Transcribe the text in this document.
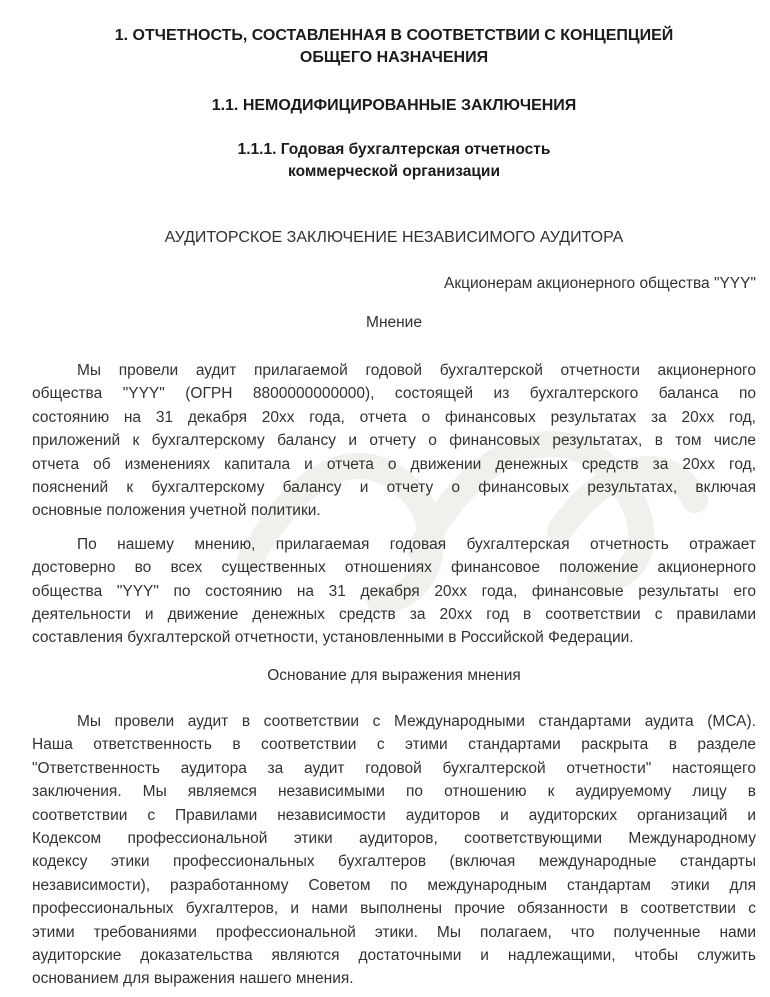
1. ОТЧЕТНОСТЬ, СОСТАВЛЕННАЯ В СООТВЕТСТВИИ С КОНЦЕПЦИЕЙ
ОБЩЕГО НАЗНАЧЕНИЯ
1.1. НЕМОДИФИЦИРОВАННЫЕ ЗАКЛЮЧЕНИЯ
1.1.1. Годовая бухгалтерская отчетность
коммерческой организации
АУДИТОРСКОЕ ЗАКЛЮЧЕНИЕ НЕЗАВИСИМОГО АУДИТОРА
Акционерам акционерного общества "YYY"
Мнение
Мы провели аудит прилагаемой годовой бухгалтерской отчетности акционерного
общества "YYY" (ОГРН 8800000000000), состоящей из бухгалтерского баланса по
состоянию на 31 декабря 20хх года, отчета о финансовых результатах за 20хх год,
приложений к бухгалтерскому балансу и отчету о финансовых результатах, в том числе
отчета об изменениях капитала и отчета о движении денежных средств за 20хх год,
пояснений к бухгалтерскому балансу и отчету о финансовых результатах, включая
основные положения учетной политики.
По нашему мнению, прилагаемая годовая бухгалтерская отчетность отражает
достоверно во всех существенных отношениях финансовое положение акционерного
общества "YYY" по состоянию на 31 декабря 20хх года, финансовые результаты его
деятельности и движение денежных средств за 20хх год в соответствии с правилами
составления бухгалтерской отчетности, установленными в Российской Федерации.
Основание для выражения мнения
Мы провели аудит в соответствии с Международными стандартами аудита (МСА).
Наша ответственность в соответствии с этими стандартами раскрыта в разделе
"Ответственность аудитора за аудит годовой бухгалтерской отчетности" настоящего
заключения. Мы являемся независимыми по отношению к аудируемому лицу в
соответствии с Правилами независимости аудиторов и аудиторских организаций и
Кодексом профессиональной этики аудиторов, соответствующими Международному
кодексу этики профессиональных бухгалтеров (включая международные стандарты
независимости), разработанному Советом по международным стандартам этики для
профессиональных бухгалтеров, и нами выполнены прочие обязанности в соответствии с
этими требованиями профессиональной этики. Мы полагаем, что полученные нами
аудиторские доказательства являются достаточными и надлежащими, чтобы служить
основанием для выражения нашего мнения.
